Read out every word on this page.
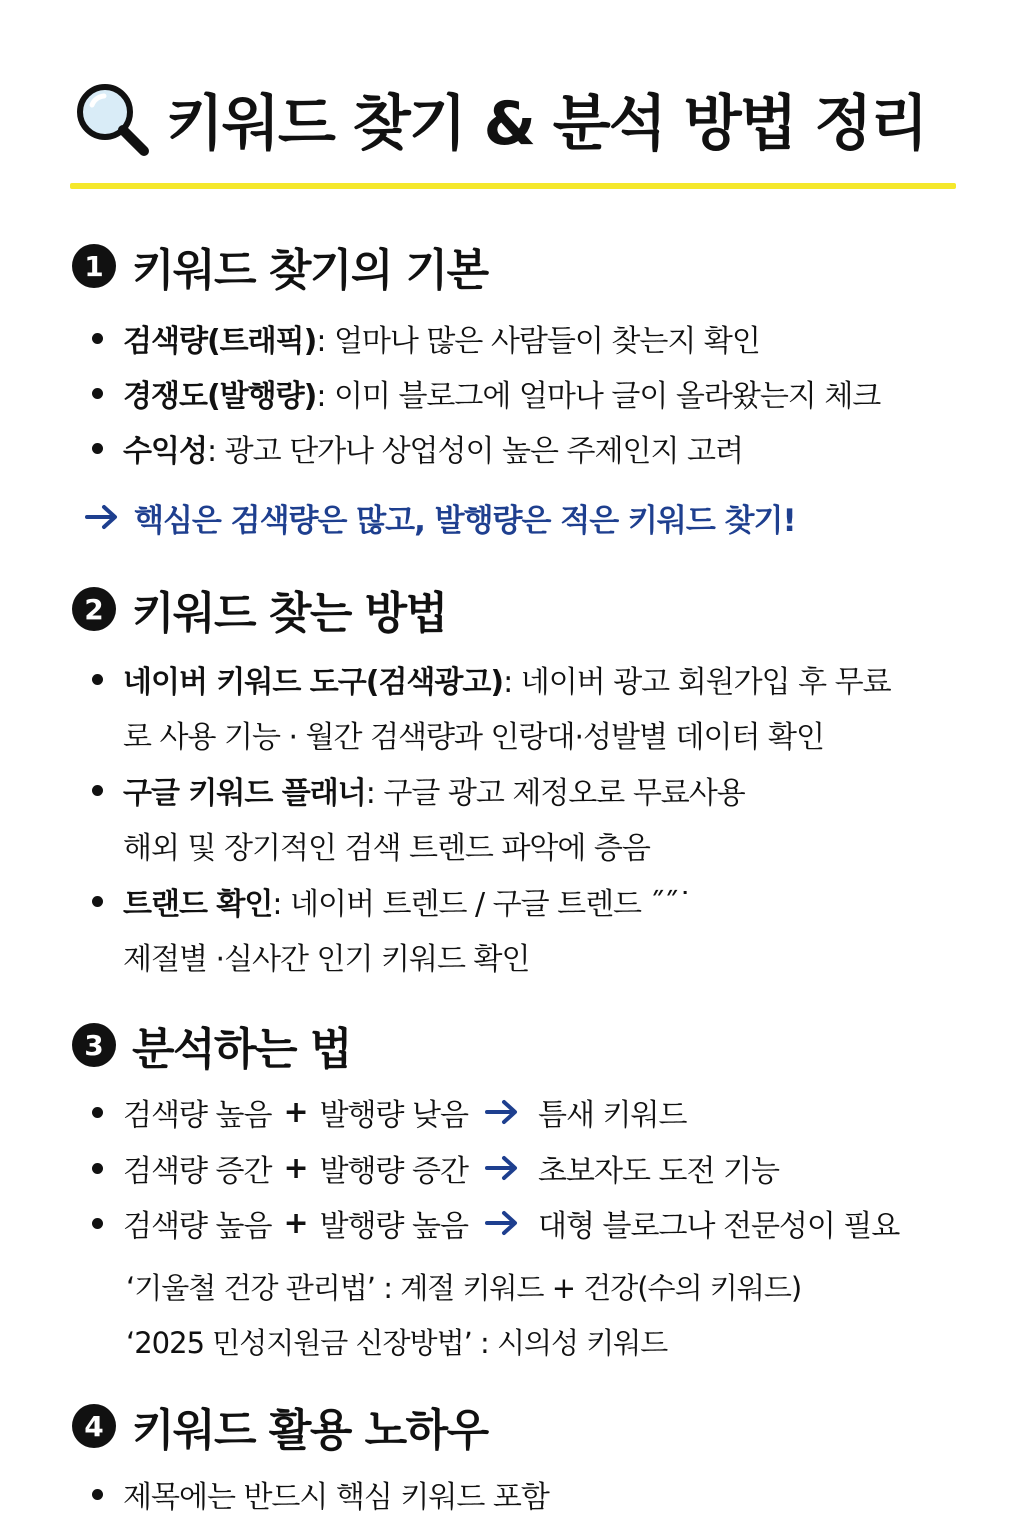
키워드 찾기 & 분석 방법 정리
1 키워드 찾기의 기본
검색량(트래픽) : 얼마나 많은 사람들이 찾는지 확인
경쟁도(발행량) : 이미 블로그에 얼마나 글이 올라왔는지 체크
수익성 : 광고 단가나 상업성이 높은 주제인지 고려
핵심은 검색량은 많고, 발행량은 적은 키워드 찾기!
2 키워드 찾는 방법
네이버 키워드 도구(검색광고) : 네이버 광고 회원가입 후 무료
로 사용 기능 · 월간 검색량과 인랑대·성발별 데이터 확인
구글 키워드 플래너 : 구글 광고 제정오로 무료사용
해외 및 장기적인 검색 트렌드 파악에 층음
트랜드 확인 : 네이버 트렌드 / 구글 트렌드 ˝˝˙
제절별 ·실사간 인기 키워드 확인
3 분석하는 법
검색량 높음 + 발행량 낮음 틈새 키워드
검색량 증간 + 발행량 증간 초보자도 도전 기능
검색량 높음 + 발행량 높음 대형 블로그나 전문성이 필요
‘기울철 건강 관리법’ : 계절 키워드 + 건강(수의 키워드)
‘2025 민성지원금 신장방법’ : 시의성 키워드
4 키워드 활용 노하우
제목에는 반드시 핵심 키워드 포함
